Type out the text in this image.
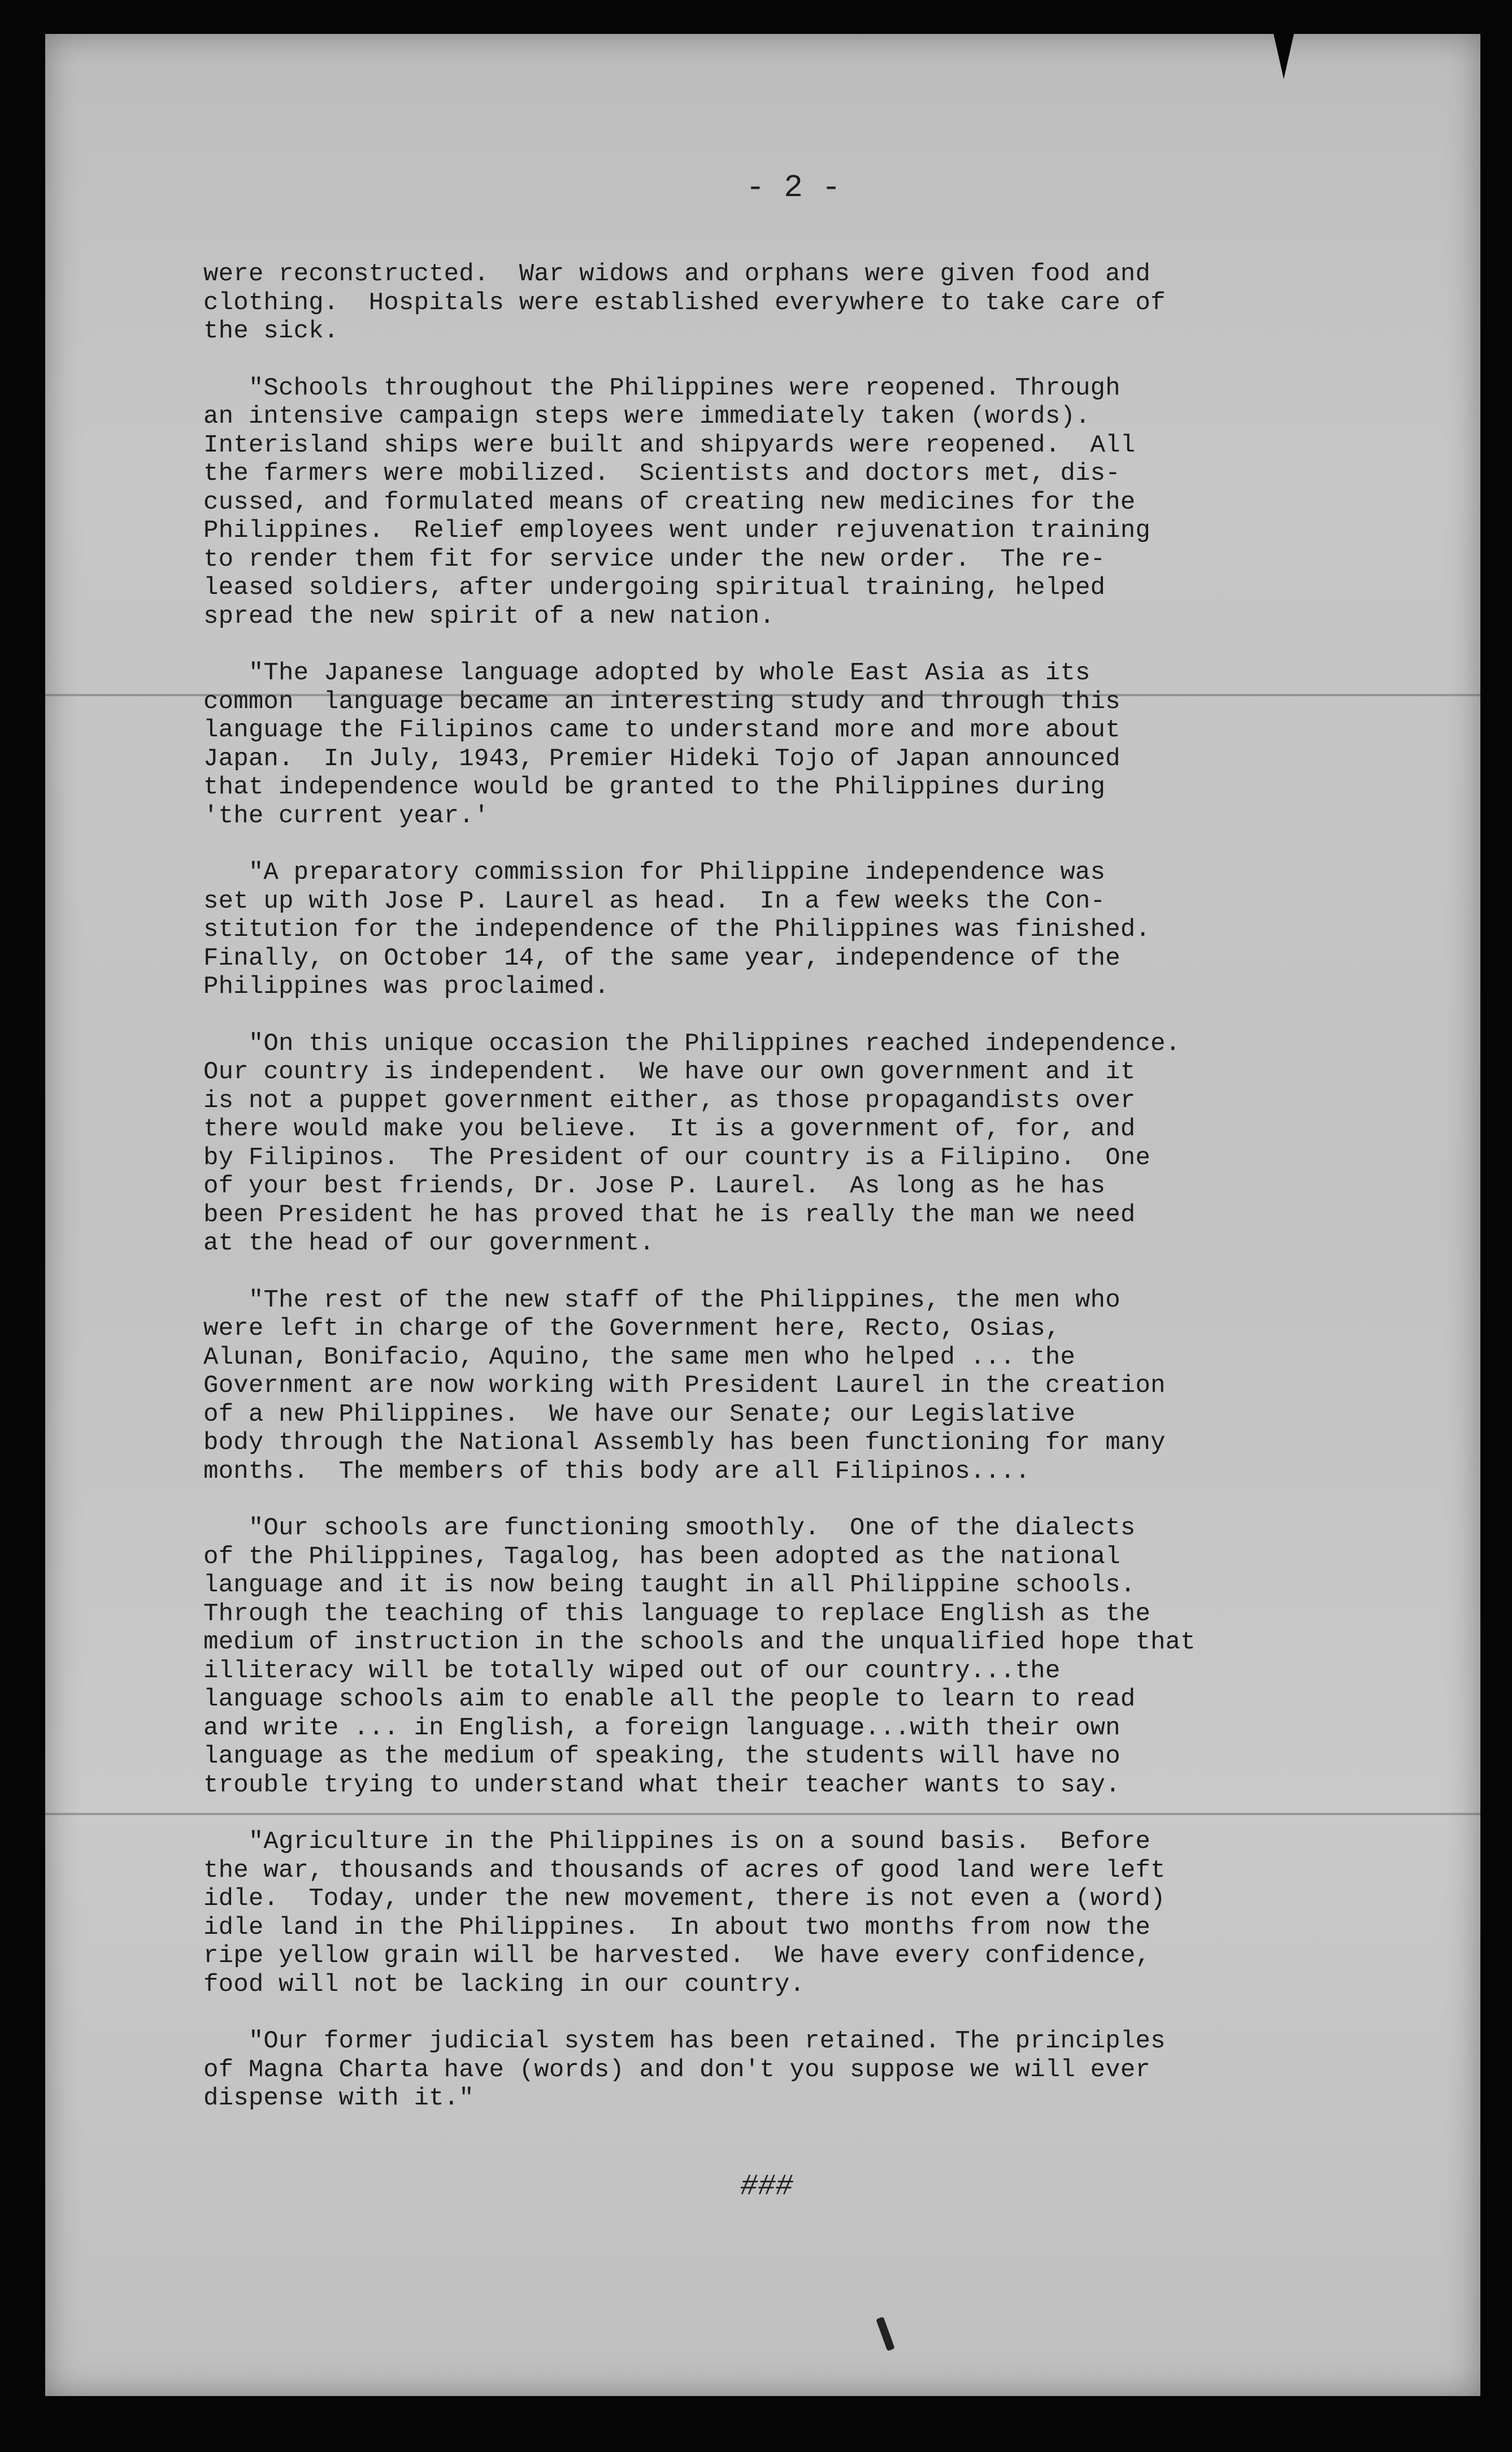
- 2 -
were reconstructed.  War widows and orphans were given food and
clothing.  Hospitals were established everywhere to take care of
the sick.
"Schools throughout the Philippines were reopened. Through
an intensive campaign steps were immediately taken (words).
Interisland ships were built and shipyards were reopened.  All
the farmers were mobilized.  Scientists and doctors met, dis-
cussed, and formulated means of creating new medicines for the
Philippines.  Relief employees went under rejuvenation training
to render them fit for service under the new order.  The re-
leased soldiers, after undergoing spiritual training, helped
spread the new spirit of a new nation.
"The Japanese language adopted by whole East Asia as its
common  language became an interesting study and through this
language the Filipinos came to understand more and more about
Japan.  In July, 1943, Premier Hideki Tojo of Japan announced
that independence would be granted to the Philippines during
'the current year.'
"A preparatory commission for Philippine independence was
set up with Jose P. Laurel as head.  In a few weeks the Con-
stitution for the independence of the Philippines was finished.
Finally, on October 14, of the same year, independence of the
Philippines was proclaimed.
"On this unique occasion the Philippines reached independence.
Our country is independent.  We have our own government and it
is not a puppet government either, as those propagandists over
there would make you believe.  It is a government of, for, and
by Filipinos.  The President of our country is a Filipino.  One
of your best friends, Dr. Jose P. Laurel.  As long as he has
been President he has proved that he is really the man we need
at the head of our government.
"The rest of the new staff of the Philippines, the men who
were left in charge of the Government here, Recto, Osias,
Alunan, Bonifacio, Aquino, the same men who helped ... the
Government are now working with President Laurel in the creation
of a new Philippines.  We have our Senate; our Legislative
body through the National Assembly has been functioning for many
months.  The members of this body are all Filipinos....
"Our schools are functioning smoothly.  One of the dialects
of the Philippines, Tagalog, has been adopted as the national
language and it is now being taught in all Philippine schools.
Through the teaching of this language to replace English as the
medium of instruction in the schools and the unqualified hope that
illiteracy will be totally wiped out of our country...the
language schools aim to enable all the people to learn to read
and write ... in English, a foreign language...with their own
language as the medium of speaking, the students will have no
trouble trying to understand what their teacher wants to say.
"Agriculture in the Philippines is on a sound basis.  Before
the war, thousands and thousands of acres of good land were left
idle.  Today, under the new movement, there is not even a (word)
idle land in the Philippines.  In about two months from now the
ripe yellow grain will be harvested.  We have every confidence,
food will not be lacking in our country.
"Our former judicial system has been retained. The principles
of Magna Charta have (words) and don't you suppose we will ever
dispense with it."
###
